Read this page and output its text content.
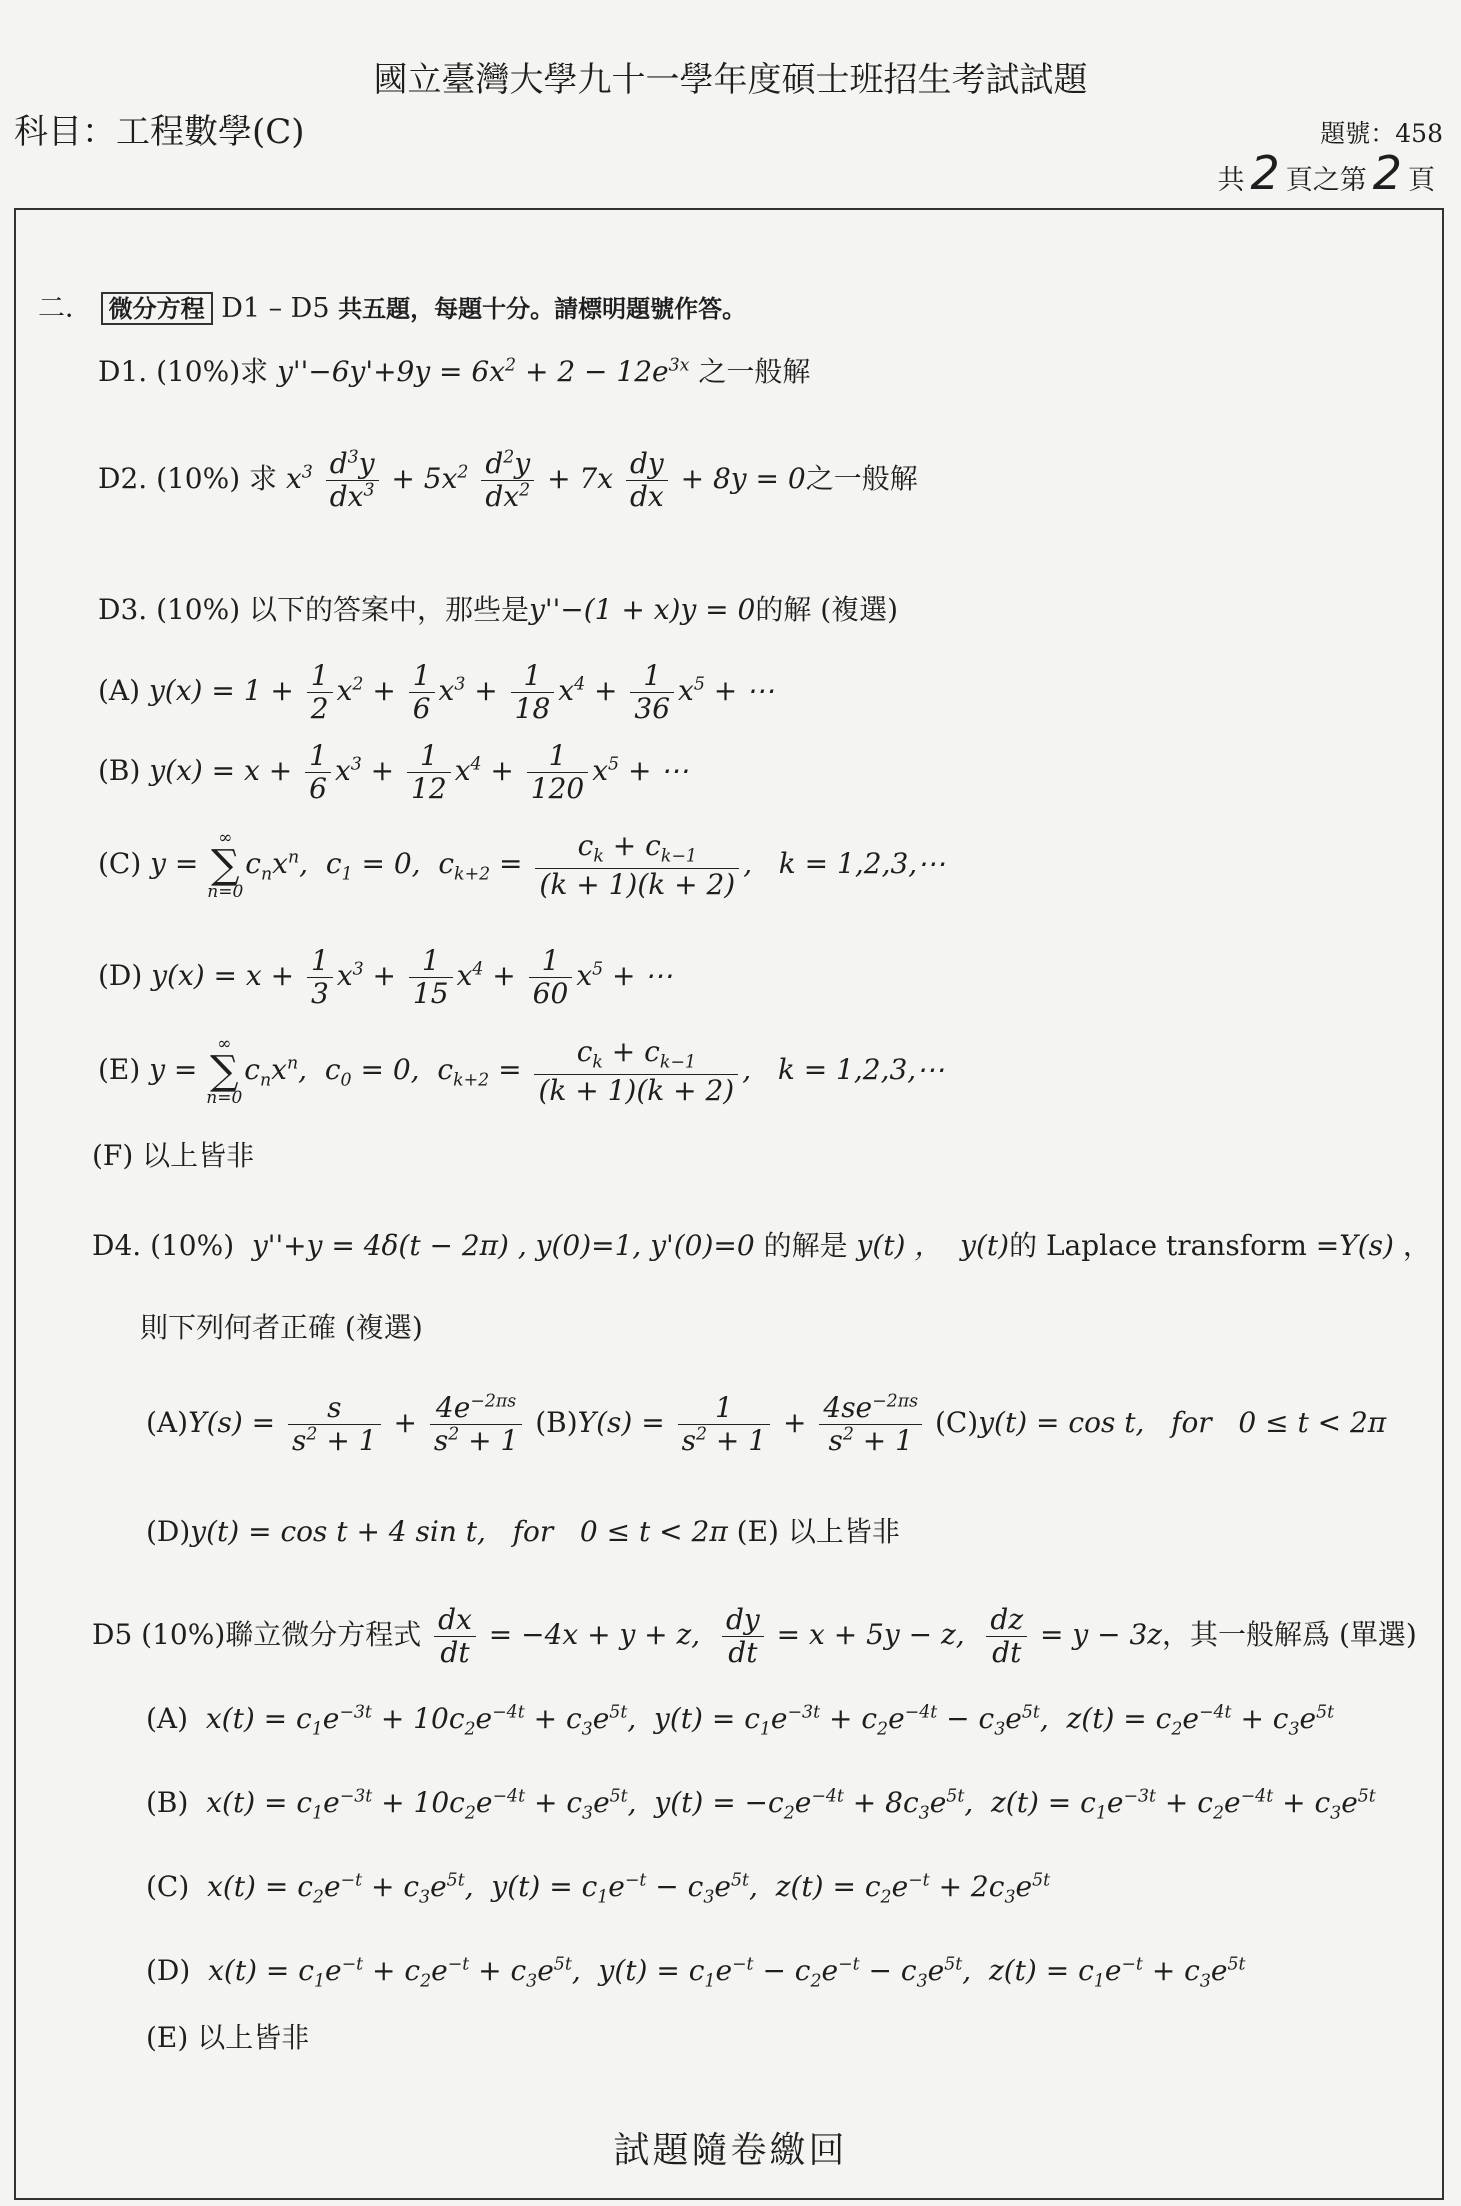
國立臺灣大學九十一學年度碩士班招生考試試題
科目：工程數學(C)	題號：458
共 2 頁之第 2 頁
二． 微分方程 D1 – D5 共五題，每題十分。請標明題號作答。
D1. (10%)求 $y''-6y'+9y = 6x^2 + 2 - 12e^{3x}$ 之一般解
D2. (10%) 求 $x^3 \frac{d^3y}{dx^3} + 5x^2 \frac{d^2y}{dx^2} + 7x \frac{dy}{dx} + 8y = 0$之一般解
D3. (10%) 以下的答案中，那些是y''−(1 + x)y = 0的解 (複選)
(A) $y(x) = 1 + \frac{1}{2} x^2 + \frac{1}{6} x^3 + \frac{1}{18} x^4 + \frac{1}{36} x^5$ + ⋯
(B) $y(x) = x + \frac{1}{6} x^3 + \frac{1}{12} x^4 + \frac{1}{120} x^5$ + ⋯
(C) y =
∞
∑
n=0
$c_nx^n$,  $c_1 = 0$,  $c_{k+2} = \frac{c_k + c_{k-1}}{(k + 1)(k + 2)}$ ,   k = 1,2,3,⋯
(D) $y(x) = x + \frac{1}{3} x^3 + \frac{1}{15} x^4 + \frac{1}{60} x^5$ + ⋯
(E) y =
∞
∑
n=0
$c_nx^n$,  $c_0 = 0$,  $c_{k+2} = \frac{c_k + c_{k-1}}{(k + 1)(k + 2)}$ ,   k = 1,2,3,⋯
(F) 以上皆非
D4. (10%)  y''+y = 4δ(t − 2π) , y(0)=1, y'(0)=0 的解是 y(t) ，  y(t)的 Laplace transform =Y(s) ，
則下列何者正確 (複選)
$(A)Y(s) = \frac{s}{s^2 + 1} + \frac{4e^{-2\pi s}}{s^2 + 1} (B)Y(s) = \frac{1}{s^2 + 1} + \frac{4se^{-2\pi s}}{s^2 + 1} (C)y(t) = \cos t$,   for   0 ≤ t < 2π
(D)y(t) = cos t + 4 sin t,   for   0 ≤ t < 2π (E) 以上皆非
D5 (10%)聯立微分方程式 $\frac{dx}{dt} = -4x + y + z$, $\frac{dy}{dt} = x + 5y - z$, $\frac{dz}{dt} = y - 3z$，其一般解爲 (單選)
(A)  $x(t) = c_1e^{-3t} + 10c_2e^{-4t} + c_3e^{5t}$,  $y(t) = c_1e^{-3t} + c_2e^{-4t} - c_3e^{5t}$,  $z(t) = c_2e^{-4t} + c_3e^{5t}$
(B)  $x(t) = c_1e^{-3t} + 10c_2e^{-4t} + c_3e^{5t}$,  $y(t) = -c_2e^{-4t} + 8c_3e^{5t}$,  $z(t) = c_1e^{-3t} + c_2e^{-4t} + c_3e^{5t}$
(C)  $x(t) = c_2e^{-t} + c_3e^{5t}$,  $y(t) = c_1e^{-t} - c_3e^{5t}$,  $z(t) = c_2e^{-t} + 2c_3e^{5t}$
(D)  $x(t) = c_1e^{-t} + c_2e^{-t} + c_3e^{5t}$,  $y(t) = c_1e^{-t} - c_2e^{-t} - c_3e^{5t}$,  $z(t) = c_1e^{-t} + c_3e^{5t}$
(E) 以上皆非
試題隨卷繳回
